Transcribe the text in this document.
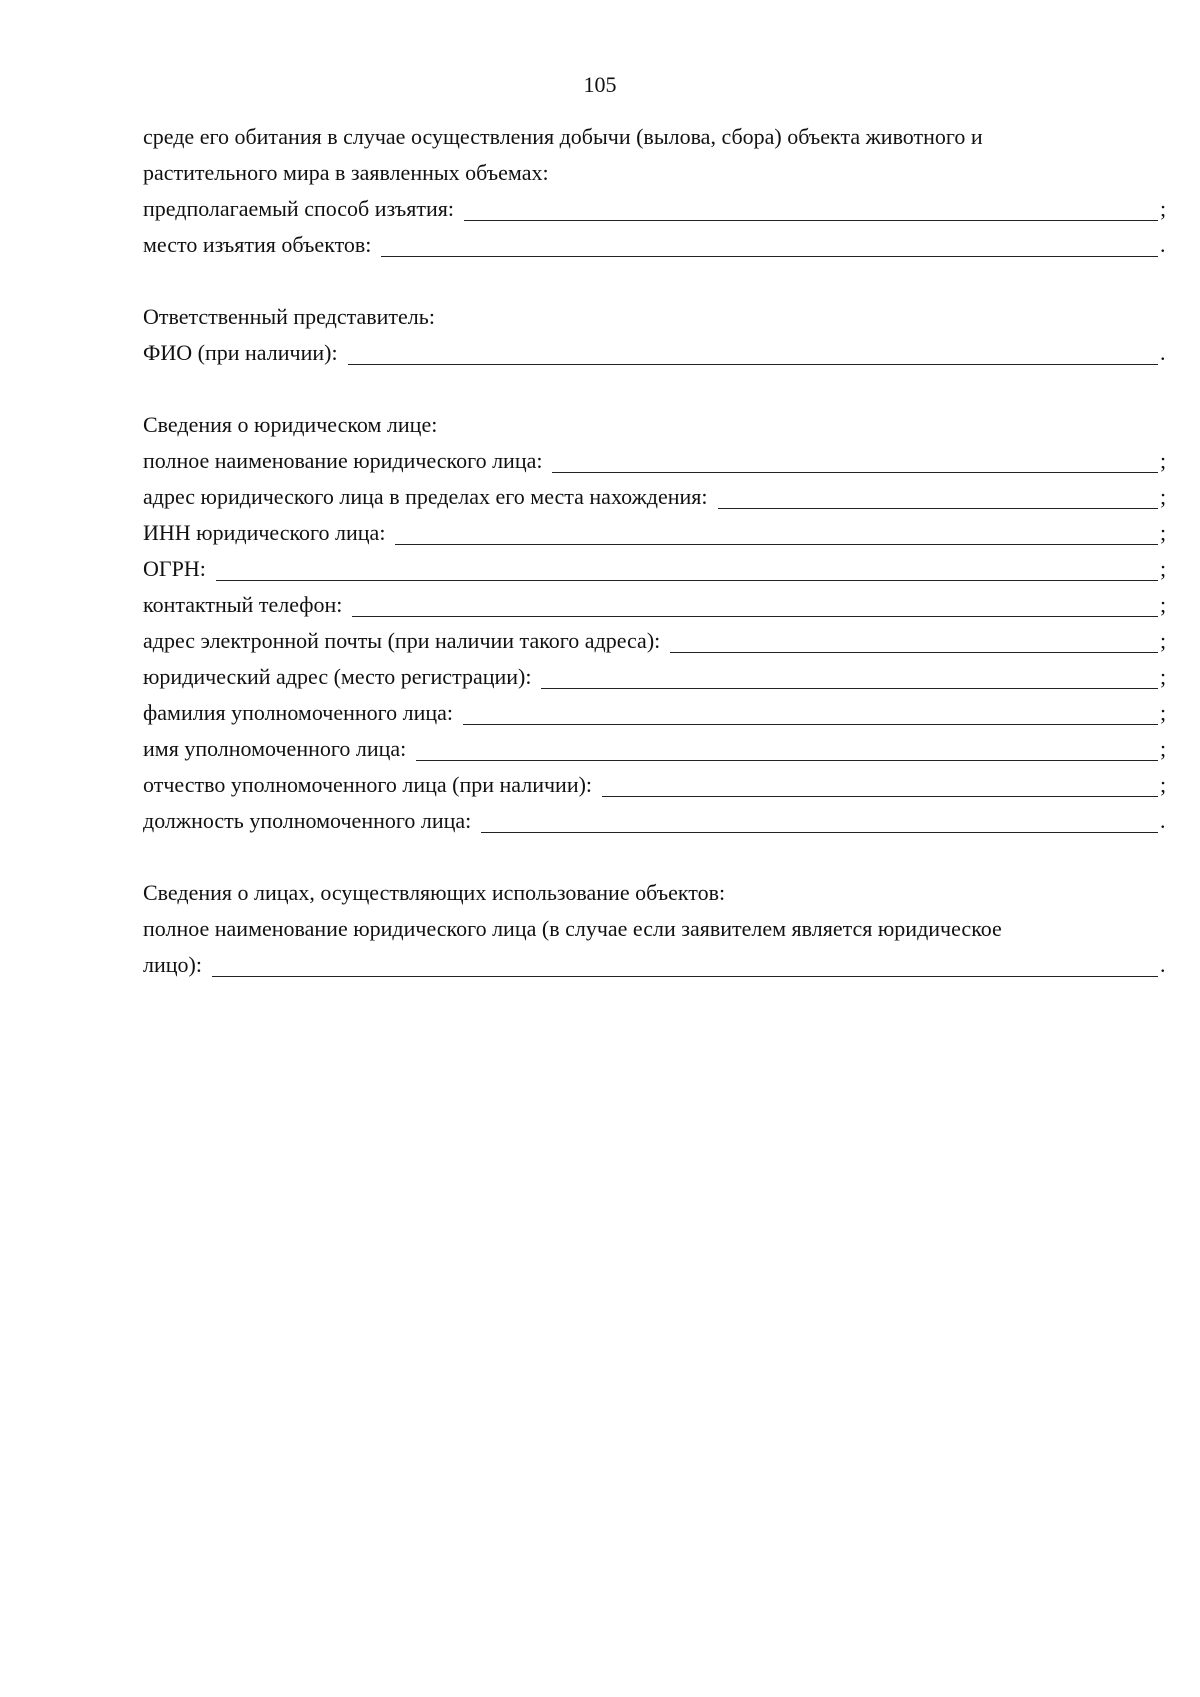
105
среде его обитания в случае осуществления добычи (вылова, сбора) объекта животного и
растительного мира в заявленных объемах:
предполагаемый способ изъятия:	;
место изъятия объектов:	.
Ответственный представитель:
ФИО (при наличии):	.
Сведения о юридическом лице:
полное наименование юридического лица:	;
адрес юридического лица в пределах его места нахождения:	;
ИНН юридического лица:	;
ОГРН:	;
контактный телефон:	;
адрес электронной почты (при наличии такого адреса):	;
юридический адрес (место регистрации):	;
фамилия уполномоченного лица:	;
имя уполномоченного лица:	;
отчество уполномоченного лица (при наличии):	;
должность уполномоченного лица:	.
Сведения о лицах, осуществляющих использование объектов:
полное наименование юридического лица (в случае если заявителем является юридическое
лицо):	.
